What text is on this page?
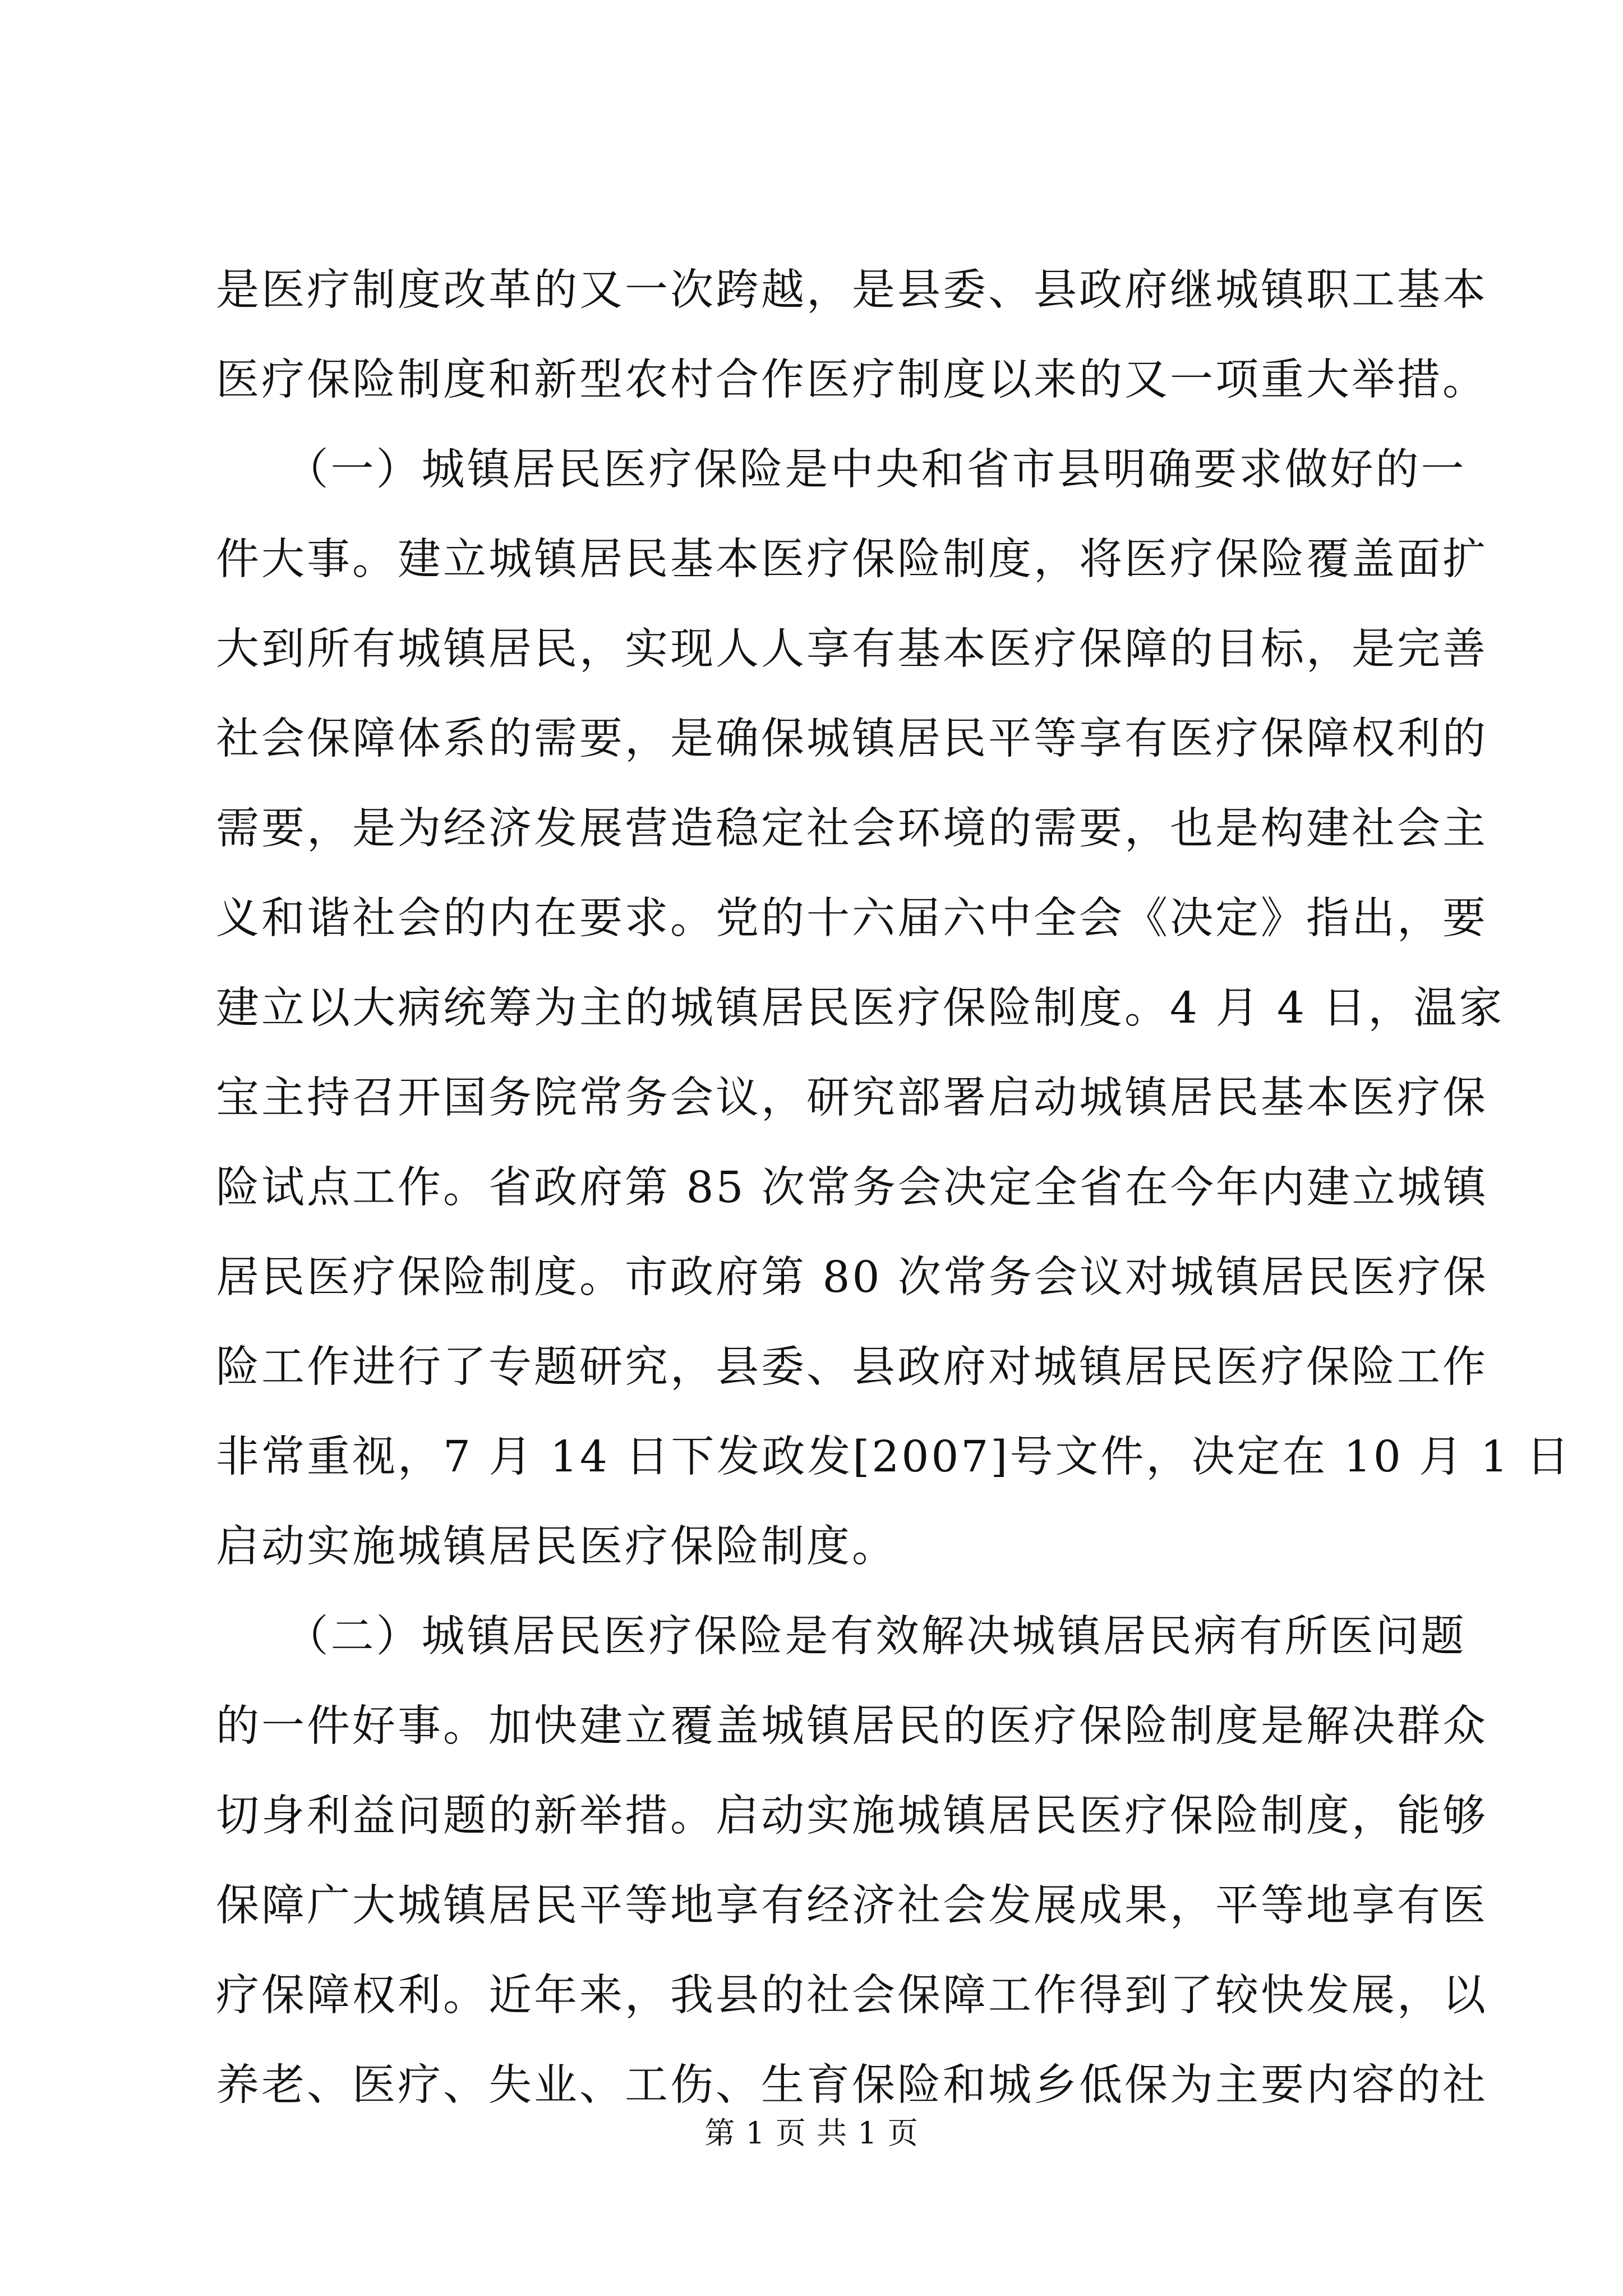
是医疗制度改革的又一次跨越，是县委、县政府继城镇职工基本
医疗保险制度和新型农村合作医疗制度以来的又一项重大举措。
　　（一）城镇居民医疗保险是中央和省市县明确要求做好的一
件大事。建立城镇居民基本医疗保险制度，将医疗保险覆盖面扩
大到所有城镇居民，实现人人享有基本医疗保障的目标，是完善
社会保障体系的需要，是确保城镇居民平等享有医疗保障权利的
需要，是为经济发展营造稳定社会环境的需要，也是构建社会主
义和谐社会的内在要求。党的十六届六中全会《决定》指出，要
建立以大病统筹为主的城镇居民医疗保险制度。4 月 4 日，温家
宝主持召开国务院常务会议，研究部署启动城镇居民基本医疗保
险试点工作。省政府第 85 次常务会决定全省在今年内建立城镇
居民医疗保险制度。市政府第 80 次常务会议对城镇居民医疗保
险工作进行了专题研究，县委、县政府对城镇居民医疗保险工作
非常重视，7 月 14 日下发政发[2007]号文件，决定在 10 月 1 日
启动实施城镇居民医疗保险制度。
　　（二）城镇居民医疗保险是有效解决城镇居民病有所医问题
的一件好事。加快建立覆盖城镇居民的医疗保险制度是解决群众
切身利益问题的新举措。启动实施城镇居民医疗保险制度，能够
保障广大城镇居民平等地享有经济社会发展成果，平等地享有医
疗保障权利。近年来，我县的社会保障工作得到了较快发展，以
养老、医疗、失业、工伤、生育保险和城乡低保为主要内容的社
第 1 页 共 1 页
